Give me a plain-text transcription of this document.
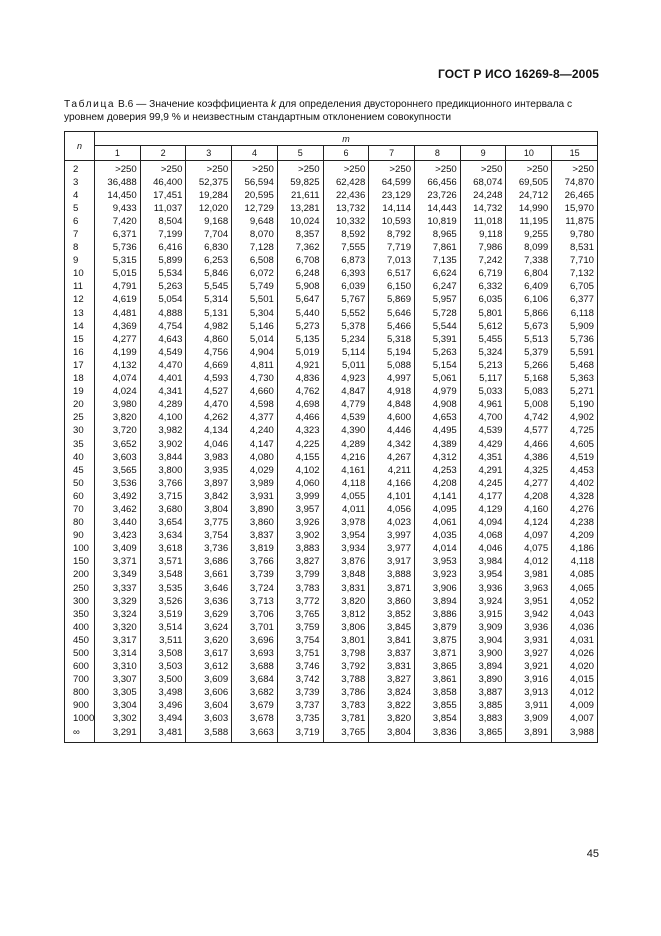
ГОСТ Р ИСО 16269-8—2005
Таблица В.6 — Значение коэффициента k для определения двустороннего предикционного интервала с уровнем доверия 99,9 % и неизвестным стандартным отклонением совокупности
n	m										
	1	2	3	4	5	6	7	8	9	10	15
2	>250	>250	>250	>250	>250	>250	>250	>250	>250	>250	>250
3	36,488	46,400	52,375	56,594	59,825	62,428	64,599	66,456	68,074	69,505	74,870
4	14,450	17,451	19,284	20,595	21,611	22,436	23,129	23,726	24,248	24,712	26,465
5	9,433	11,037	12,020	12,729	13,281	13,732	14,114	14,443	14,732	14,990	15,970
6	7,420	8,504	9,168	9,648	10,024	10,332	10,593	10,819	11,018	11,195	11,875
7	6,371	7,199	7,704	8,070	8,357	8,592	8,792	8,965	9,118	9,255	9,780
8	5,736	6,416	6,830	7,128	7,362	7,555	7,719	7,861	7,986	8,099	8,531
9	5,315	5,899	6,253	6,508	6,708	6,873	7,013	7,135	7,242	7,338	7,710
10	5,015	5,534	5,846	6,072	6,248	6,393	6,517	6,624	6,719	6,804	7,132
11	4,791	5,263	5,545	5,749	5,908	6,039	6,150	6,247	6,332	6,409	6,705
12	4,619	5,054	5,314	5,501	5,647	5,767	5,869	5,957	6,035	6,106	6,377
13	4,481	4,888	5,131	5,304	5,440	5,552	5,646	5,728	5,801	5,866	6,118
14	4,369	4,754	4,982	5,146	5,273	5,378	5,466	5,544	5,612	5,673	5,909
15	4,277	4,643	4,860	5,014	5,135	5,234	5,318	5,391	5,455	5,513	5,736
16	4,199	4,549	4,756	4,904	5,019	5,114	5,194	5,263	5,324	5,379	5,591
17	4,132	4,470	4,669	4,811	4,921	5,011	5,088	5,154	5,213	5,266	5,468
18	4,074	4,401	4,593	4,730	4,836	4,923	4,997	5,061	5,117	5,168	5,363
19	4,024	4,341	4,527	4,660	4,762	4,847	4,918	4,979	5,033	5,083	5,271
20	3,980	4,289	4,470	4,598	4,698	4,779	4,848	4,908	4,961	5,008	5,190
25	3,820	4,100	4,262	4,377	4,466	4,539	4,600	4,653	4,700	4,742	4,902
30	3,720	3,982	4,134	4,240	4,323	4,390	4,446	4,495	4,539	4,577	4,725
35	3,652	3,902	4,046	4,147	4,225	4,289	4,342	4,389	4,429	4,466	4,605
40	3,603	3,844	3,983	4,080	4,155	4,216	4,267	4,312	4,351	4,386	4,519
45	3,565	3,800	3,935	4,029	4,102	4,161	4,211	4,253	4,291	4,325	4,453
50	3,536	3,766	3,897	3,989	4,060	4,118	4,166	4,208	4,245	4,277	4,402
60	3,492	3,715	3,842	3,931	3,999	4,055	4,101	4,141	4,177	4,208	4,328
70	3,462	3,680	3,804	3,890	3,957	4,011	4,056	4,095	4,129	4,160	4,276
80	3,440	3,654	3,775	3,860	3,926	3,978	4,023	4,061	4,094	4,124	4,238
90	3,423	3,634	3,754	3,837	3,902	3,954	3,997	4,035	4,068	4,097	4,209
100	3,409	3,618	3,736	3,819	3,883	3,934	3,977	4,014	4,046	4,075	4,186
150	3,371	3,571	3,686	3,766	3,827	3,876	3,917	3,953	3,984	4,012	4,118
200	3,349	3,548	3,661	3,739	3,799	3,848	3,888	3,923	3,954	3,981	4,085
250	3,337	3,535	3,646	3,724	3,783	3,831	3,871	3,906	3,936	3,963	4,065
300	3,329	3,526	3,636	3,713	3,772	3,820	3,860	3,894	3,924	3,951	4,052
350	3,324	3,519	3,629	3,706	3,765	3,812	3,852	3,886	3,915	3,942	4,043
400	3,320	3,514	3,624	3,701	3,759	3,806	3,845	3,879	3,909	3,936	4,036
450	3,317	3,511	3,620	3,696	3,754	3,801	3,841	3,875	3,904	3,931	4,031
500	3,314	3,508	3,617	3,693	3,751	3,798	3,837	3,871	3,900	3,927	4,026
600	3,310	3,503	3,612	3,688	3,746	3,792	3,831	3,865	3,894	3,921	4,020
700	3,307	3,500	3,609	3,684	3,742	3,788	3,827	3,861	3,890	3,916	4,015
800	3,305	3,498	3,606	3,682	3,739	3,786	3,824	3,858	3,887	3,913	4,012
900	3,304	3,496	3,604	3,679	3,737	3,783	3,822	3,855	3,885	3,911	4,009
1000	3,302	3,494	3,603	3,678	3,735	3,781	3,820	3,854	3,883	3,909	4,007
∞	3,291	3,481	3,588	3,663	3,719	3,765	3,804	3,836	3,865	3,891	3,988
45
